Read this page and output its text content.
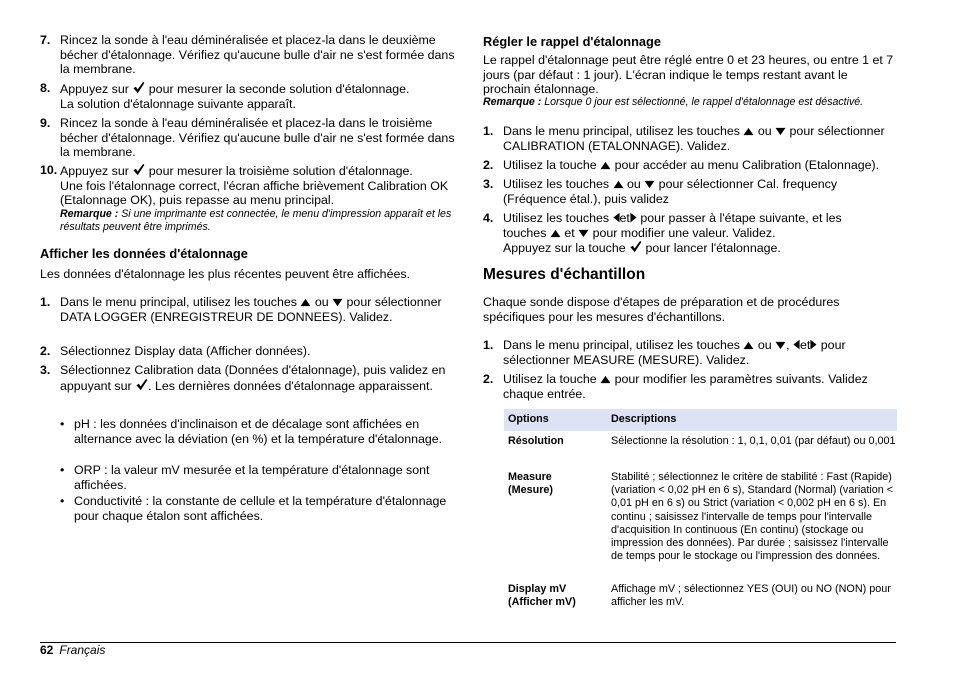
7. Rincez la sonde à l'eau déminéralisée et placez-la dans le deuxième bécher d'étalonnage. Vérifiez qu'aucune bulle d'air ne s'est formée dans la membrane.

8. Appuyez sur pour mesurer la seconde solution d'étalonnage.

La solution d'étalonnage suivante apparaît.

9. Rincez la sonde à l'eau déminéralisée et placez-la dans le troisième bécher d'étalonnage. Vérifiez qu'aucune bulle d'air ne s'est formée dans la membrane.

10. Appuyez sur pour mesurer la troisième solution d'étalonnage.

Une fois l'étalonnage correct, l'écran affiche brièvement Calibration OK (Etalonnage OK), puis repasse au menu principal.

Remarque : Si une imprimante est connectée, le menu d'impression apparaît et les résultats peuvent être imprimés.

Afficher les données d'étalonnage

Les données d'étalonnage les plus récentes peuvent être affichées.

1. Dans le menu principal, utilisez les touches ou pour sélectionner DATA LOGGER (ENREGISTREUR DE DONNEES). Validez.

2. Sélectionnez Display data (Afficher données).

3. Sélectionnez Calibration data (Données d'étalonnage), puis validez en appuyant sur . Les dernières données d'étalonnage apparaissent.

• pH : les données d'inclinaison et de décalage sont affichées en alternance avec la déviation (en %) et la température d'étalonnage.
• ORP : la valeur mV mesurée et la température d'étalonnage sont affichées.
• Conductivité : la constante de cellule et la température d'étalonnage pour chaque étalon sont affichées.
Régler le rappel d'étalonnage

Le rappel d'étalonnage peut être réglé entre 0 et 23 heures, ou entre 1 et 7 jours (par défaut : 1 jour). L'écran indique le temps restant avant le prochain étalonnage.

Remarque : Lorsque 0 jour est sélectionné, le rappel d'étalonnage est désactivé.

1. Dans le menu principal, utilisez les touches ou pour sélectionner CALIBRATION (ETALONNAGE). Validez.

2. Utilisez la touche pour accéder au menu Calibration (Etalonnage).

3. Utilisez les touches ou pour sélectionner Cal. frequency (Fréquence étal.), puis validez

4. Utilisez les touches et pour passer à l'étape suivante, et les

touches et pour modifier une valeur. Validez.

Appuyez sur la touche pour lancer l'étalonnage.

Mesures d'échantillon

Chaque sonde dispose d'étapes de préparation et de procédures spécifiques pour les mesures d'échantillons.

1. Dans le menu principal, utilisez les touches ou , et pour sélectionner MEASURE (MESURE). Validez.

2. Utilisez la touche pour modifier les paramètres suivants. Validez chaque entrée.

Options	Descriptions
Résolution	Sélectionne la résolution : 1, 0,1, 0,01 (par défaut) ou 0,001
Measure (Mesure)
Stabilité ; sélectionnez le critère de stabilité : Fast (Rapide) (variation < 0,02 pH en 6 s), Standard (Normal) (variation < 0,01 pH en 6 s) ou Strict (variation < 0,002 pH en 6 s). En continu ; saisissez l'intervalle de temps pour l'intervalle d'acquisition In continuous (En continu) (stockage ou impression des données). Par durée ; saisissez l'intervalle de temps pour le stockage ou l'impression des données.
Display mV (Afficher mV)
Affichage mV ; sélectionnez YES (OUI) ou NO (NON) pour afficher les mV.
62 Français
